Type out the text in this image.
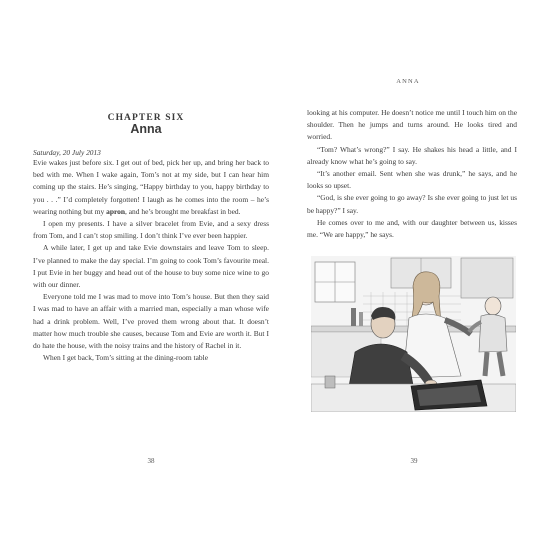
CHAPTER SIX
Anna
Saturday, 20 July 2013

Evie wakes just before six. I get out of bed, pick her up, and bring her back to bed with me. When I wake again, Tom’s not at my side, but I can hear him coming up the stairs. He’s singing, “Happy birthday to you, happy birthday to you . . .” I’d completely forgotten! I laugh as he comes into the room – he’s wearing nothing but my apron, and he’s brought me breakfast in bed.

I open my presents. I have a silver bracelet from Evie, and a sexy dress from Tom, and I can’t stop smiling. I don’t think I’ve ever been happier.

A while later, I get up and take Evie downstairs and leave Tom to sleep. I’ve planned to make the day special. I’m going to cook Tom’s favourite meal. I put Evie in her buggy and head out of the house to buy some nice wine to go with our dinner.

Everyone told me I was mad to move into Tom’s house. But then they said I was mad to have an affair with a married man, especially a man whose wife had a drink problem. Well, I’ve proved them wrong about that. It doesn’t matter how much trouble she causes, because Tom and Evie are worth it. But I do hate the house, with the noisy trains and the history of Rachel in it.

When I get back, Tom’s sitting at the dining-room table

38
ANNA

looking at his computer. He doesn’t notice me until I touch him on the shoulder. Then he jumps and turns around. He looks tired and worried.

“Tom? What’s wrong?” I say. He shakes his head a little, and I already know what he’s going to say.

“It’s another email. Sent when she was drunk,” he says, and he looks so upset.

“God, is she ever going to go away? Is she ever going to just let us be happy?” I say.

He comes over to me and, with our daughter between us, kisses me. “We are happy,” he says.

39
